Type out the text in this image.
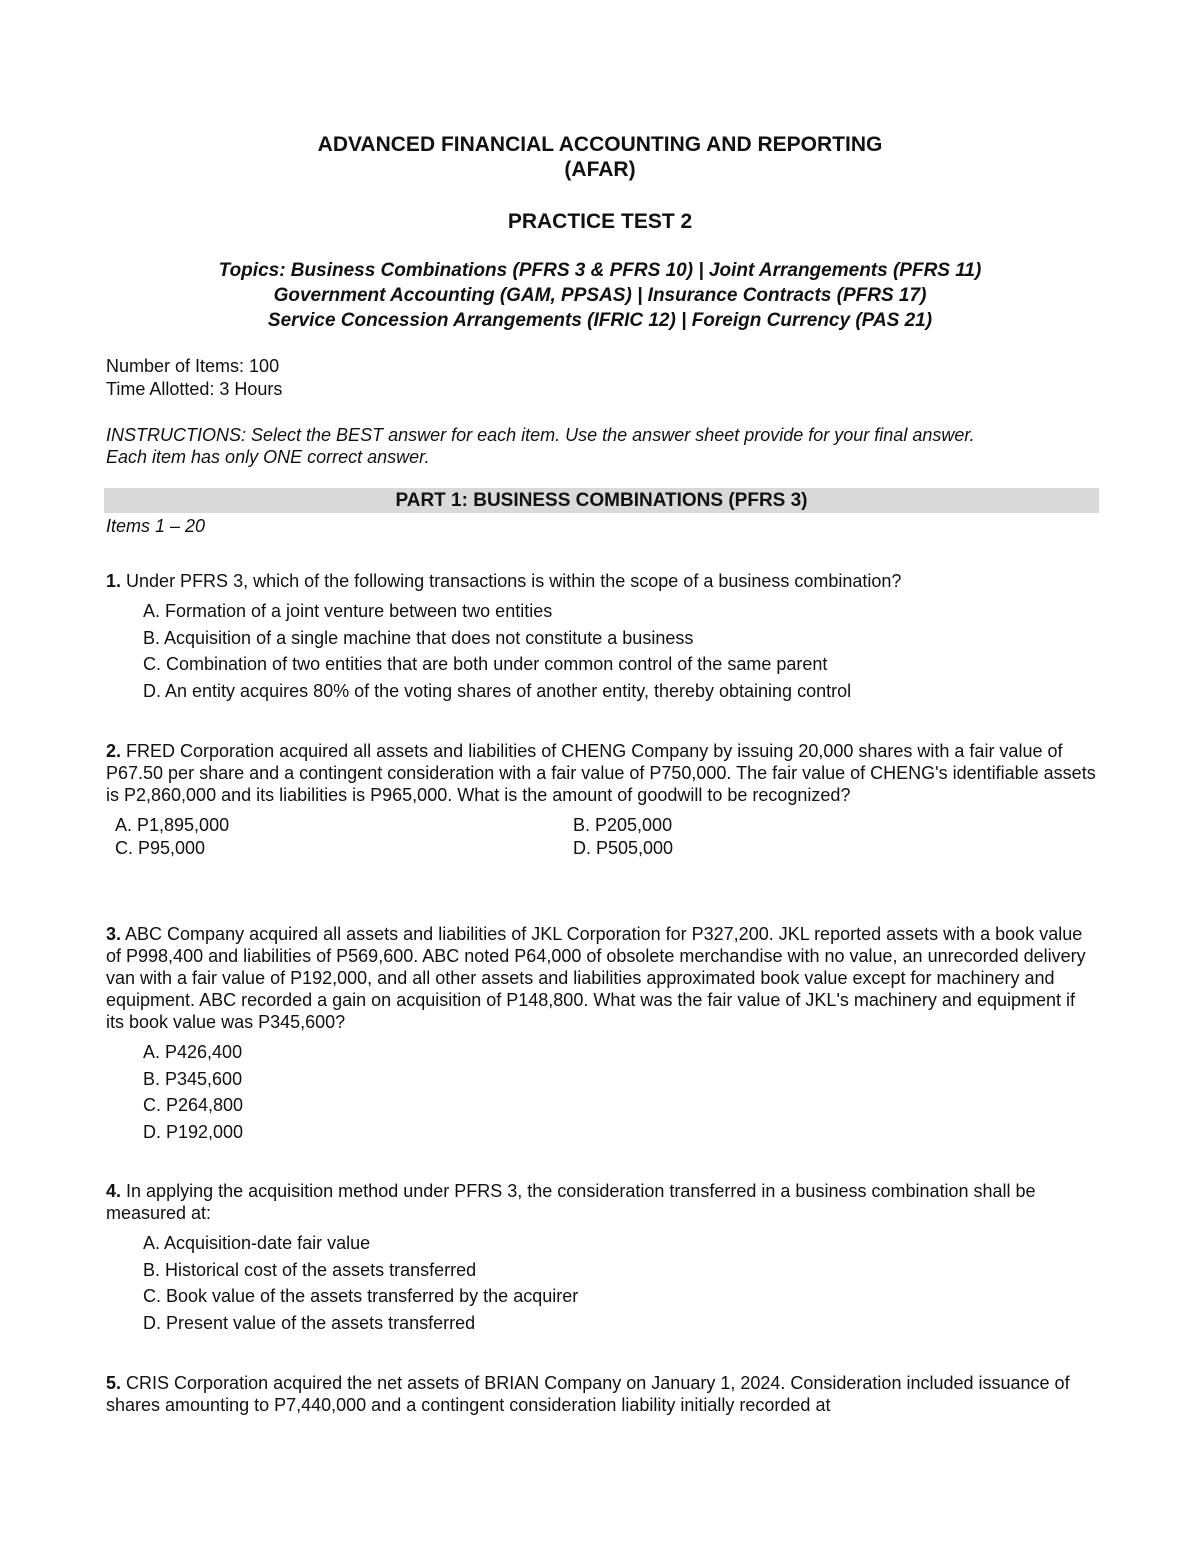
ADVANCED FINANCIAL ACCOUNTING AND REPORTING
(AFAR)
PRACTICE TEST 2
Topics: Business Combinations (PFRS 3 & PFRS 10) | Joint Arrangements (PFRS 11)
Government Accounting (GAM, PPSAS) | Insurance Contracts (PFRS 17)
Service Concession Arrangements (IFRIC 12) | Foreign Currency (PAS 21)
Number of Items: 100
Time Allotted: 3 Hours
INSTRUCTIONS: Select the BEST answer for each item. Use the answer sheet provide for your final answer.
Each item has only ONE correct answer.
PART 1: BUSINESS COMBINATIONS (PFRS 3)
Items 1 – 20
1. Under PFRS 3, which of the following transactions is within the scope of a business combination?
A. Formation of a joint venture between two entities
B. Acquisition of a single machine that does not constitute a business
C. Combination of two entities that are both under common control of the same parent
D. An entity acquires 80% of the voting shares of another entity, thereby obtaining control
2. FRED Corporation acquired all assets and liabilities of CHENG Company by issuing 20,000 shares with a fair value of P67.50 per share and a contingent consideration with a fair value of P750,000. The fair value of CHENG's identifiable assets is P2,860,000 and its liabilities is P965,000. What is the amount of goodwill to be recognized?
A. P1,895,000	B. P205,000
C. P95,000	D. P505,000
3. ABC Company acquired all assets and liabilities of JKL Corporation for P327,200. JKL reported assets with a book value of P998,400 and liabilities of P569,600. ABC noted P64,000 of obsolete merchandise with no value, an unrecorded delivery van with a fair value of P192,000, and all other assets and liabilities approximated book value except for machinery and equipment. ABC recorded a gain on acquisition of P148,800. What was the fair value of JKL's machinery and equipment if its book value was P345,600?
A. P426,400
B. P345,600
C. P264,800
D. P192,000
4. In applying the acquisition method under PFRS 3, the consideration transferred in a business combination shall be measured at:
A. Acquisition-date fair value
B. Historical cost of the assets transferred
C. Book value of the assets transferred by the acquirer
D. Present value of the assets transferred
5. CRIS Corporation acquired the net assets of BRIAN Company on January 1, 2024. Consideration included issuance of shares amounting to P7,440,000 and a contingent consideration liability initially recorded at
